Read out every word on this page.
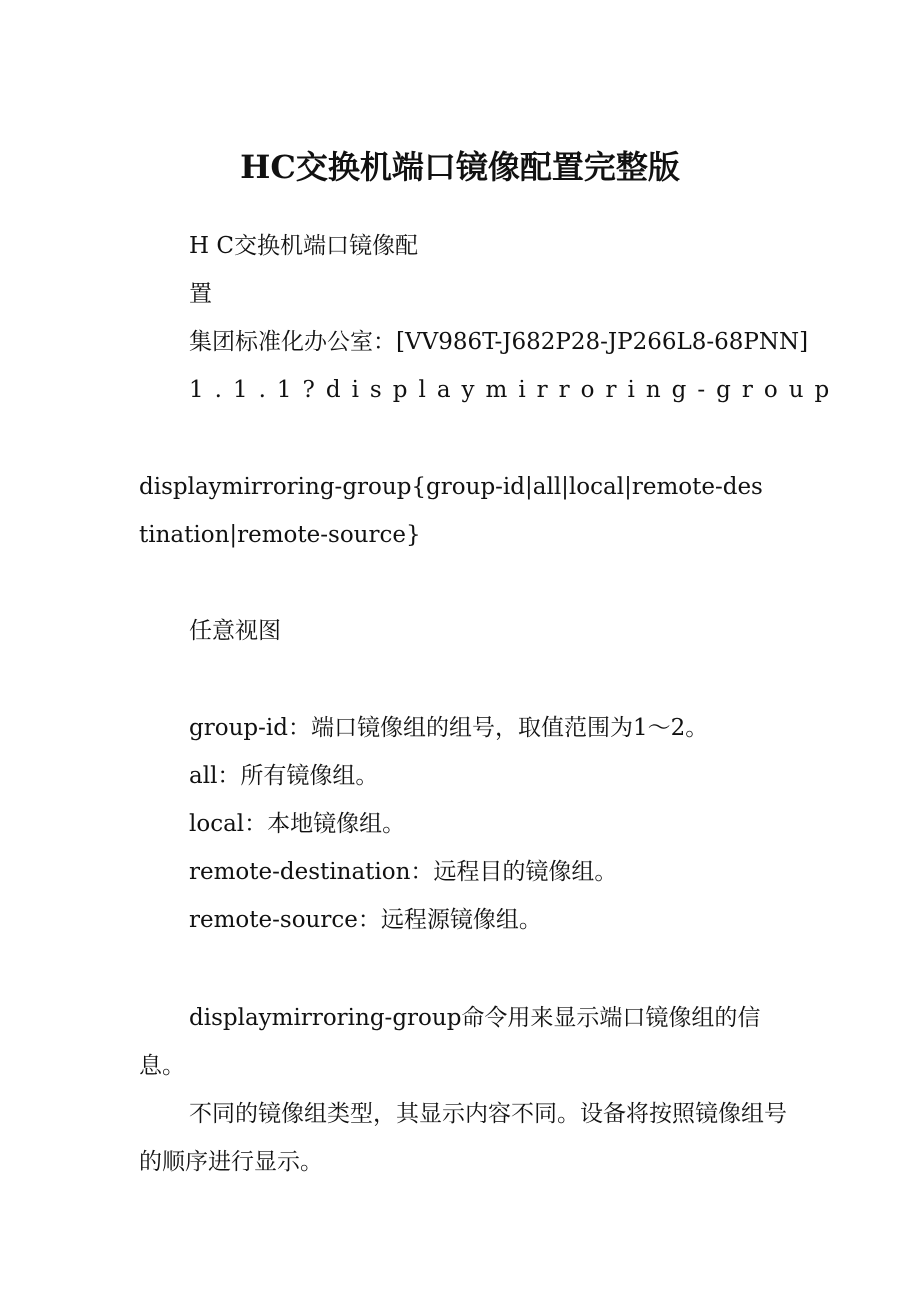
HC交换机端口镜像配置完整版
H C交换机端口镜像配
置
集团标准化办公室：[VV986T-J682P28-JP266L8-68PNN]
1.1.1?displaymirroring-group
displaymirroring-group{group-id|all|local|remote-destination|remote-source}
任意视图
group-id：端口镜像组的组号，取值范围为1～2。
all：所有镜像组。
local：本地镜像组。
remote-destination：远程目的镜像组。
remote-source：远程源镜像组。
displaymirroring-group命令用来显示端口镜像组的信息。
不同的镜像组类型，其显示内容不同。设备将按照镜像组号的顺序进行显示。
